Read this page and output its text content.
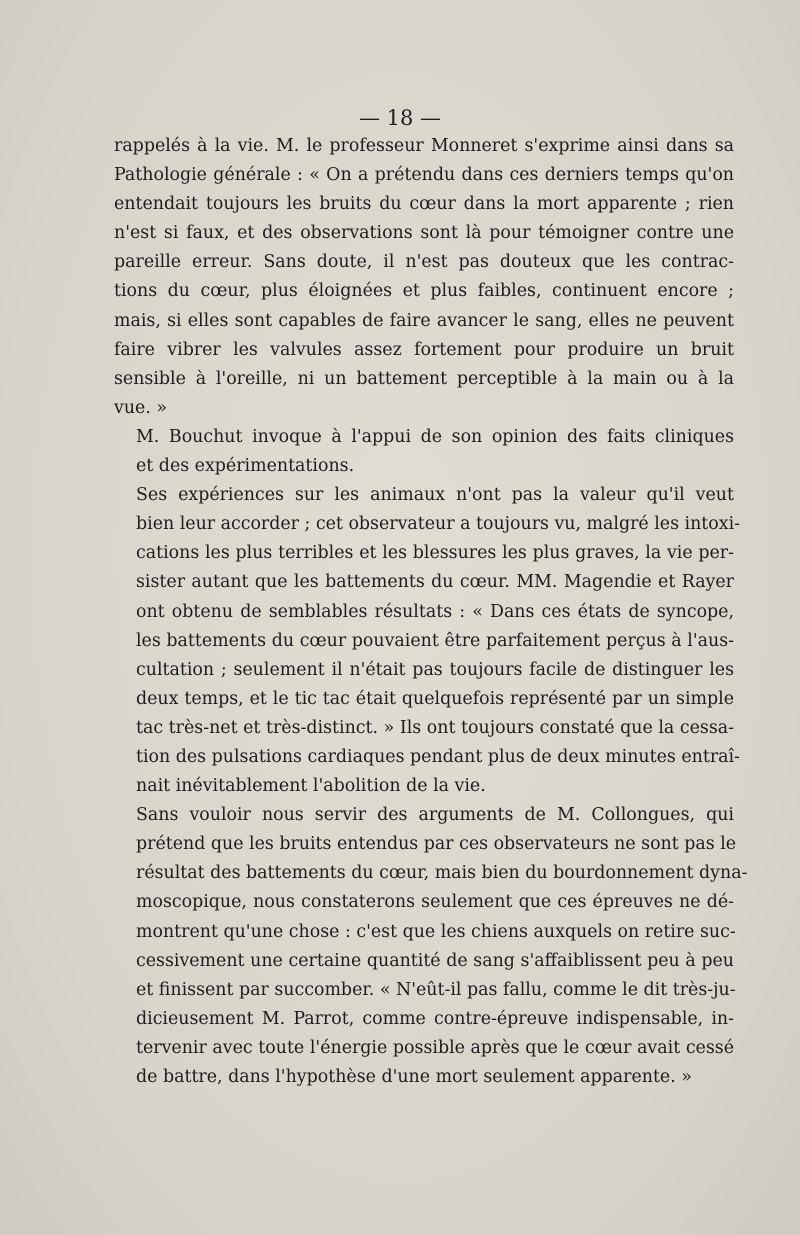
— 18 —

rappelés à la vie. M. le professeur Monneret s'exprime ainsi dans sa
Pathologie générale : « On a prétendu dans ces derniers temps qu'on
entendait toujours les bruits du cœur dans la mort apparente ; rien
n'est si faux, et des observations sont là pour témoigner contre une
pareille erreur. Sans doute, il n'est pas douteux que les contrac-
tions du cœur, plus éloignées et plus faibles, continuent encore ;
mais, si elles sont capables de faire avancer le sang, elles ne peuvent
faire vibrer les valvules assez fortement pour produire un bruit
sensible à l'oreille, ni un battement perceptible à la main ou à la
vue. »

M. Bouchut invoque à l'appui de son opinion des faits cliniques
et des expérimentations.

Ses expériences sur les animaux n'ont pas la valeur qu'il veut
bien leur accorder ; cet observateur a toujours vu, malgré les intoxi-
cations les plus terribles et les blessures les plus graves, la vie per-
sister autant que les battements du cœur. MM. Magendie et Rayer
ont obtenu de semblables résultats : « Dans ces états de syncope,
les battements du cœur pouvaient être parfaitement perçus à l'aus-
cultation ; seulement il n'était pas toujours facile de distinguer les
deux temps, et le tic tac était quelquefois représenté par un simple
tac très-net et très-distinct. » Ils ont toujours constaté que la cessa-
tion des pulsations cardiaques pendant plus de deux minutes entraî-
nait inévitablement l'abolition de la vie.

Sans vouloir nous servir des arguments de M. Collongues, qui
prétend que les bruits entendus par ces observateurs ne sont pas le
résultat des battements du cœur, mais bien du bourdonnement dyna-
moscopique, nous constaterons seulement que ces épreuves ne dé-
montrent qu'une chose : c'est que les chiens auxquels on retire suc-
cessivement une certaine quantité de sang s'affaiblissent peu à peu
et finissent par succomber. « N'eût-il pas fallu, comme le dit très-ju-
dicieusement M. Parrot, comme contre-épreuve indispensable, in-
tervenir avec toute l'énergie possible après que le cœur avait cessé
de battre, dans l'hypothèse d'une mort seulement apparente. »
